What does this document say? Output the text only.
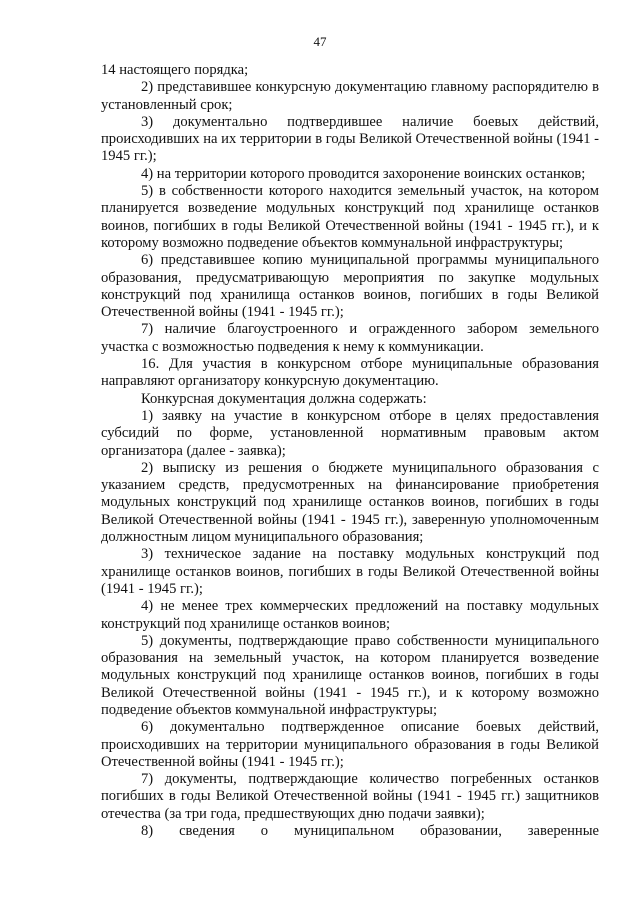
47

14 настоящего порядка;

2) представившее конкурсную документацию главному распорядителю в установленный срок;

3) документально подтвердившее наличие боевых действий, происходивших на их территории в годы Великой Отечественной войны (1941 - 1945 гг.);

4) на территории которого проводится захоронение воинских останков;

5) в собственности которого находится земельный участок, на котором планируется возведение модульных конструкций под хранилище останков воинов, погибших в годы Великой Отечественной войны (1941 - 1945 гг.), и к которому возможно подведение объектов коммунальной инфраструктуры;

6) представившее копию муниципальной программы муниципального образования, предусматривающую мероприятия по закупке модульных конструкций под хранилища останков воинов, погибших в годы Великой Отечественной войны (1941 - 1945 гг.);

7) наличие благоустроенного и огражденного забором земельного участка с возможностью подведения к нему к коммуникации.

16. Для участия в конкурсном отборе муниципальные образования направляют организатору конкурсную документацию.

Конкурсная документация должна содержать:

1) заявку на участие в конкурсном отборе в целях предоставления субсидий по форме, установленной нормативным правовым актом организатора (далее - заявка);

2) выписку из решения о бюджете муниципального образования с указанием средств, предусмотренных на финансирование приобретения модульных конструкций под хранилище останков воинов, погибших в годы Великой Отечественной войны (1941 - 1945 гг.), заверенную уполномоченным должностным лицом муниципального образования;

3) техническое задание на поставку модульных конструкций под хранилище останков воинов, погибших в годы Великой Отечественной войны (1941 - 1945 гг.);

4) не менее трех коммерческих предложений на поставку модульных конструкций под хранилище останков воинов;

5) документы, подтверждающие право собственности муниципального образования на земельный участок, на котором планируется возведение модульных конструкций под хранилище останков воинов, погибших в годы Великой Отечественной войны (1941 - 1945 гг.), и к которому возможно подведение объектов коммунальной инфраструктуры;

6) документально подтвержденное описание боевых действий, происходивших на территории муниципального образования в годы Великой Отечественной войны (1941 - 1945 гг.);

7) документы, подтверждающие количество погребенных останков погибших в годы Великой Отечественной войны (1941 - 1945 гг.) защитников отечества (за три года, предшествующих дню подачи заявки);

8) сведения о муниципальном образовании, заверенные
